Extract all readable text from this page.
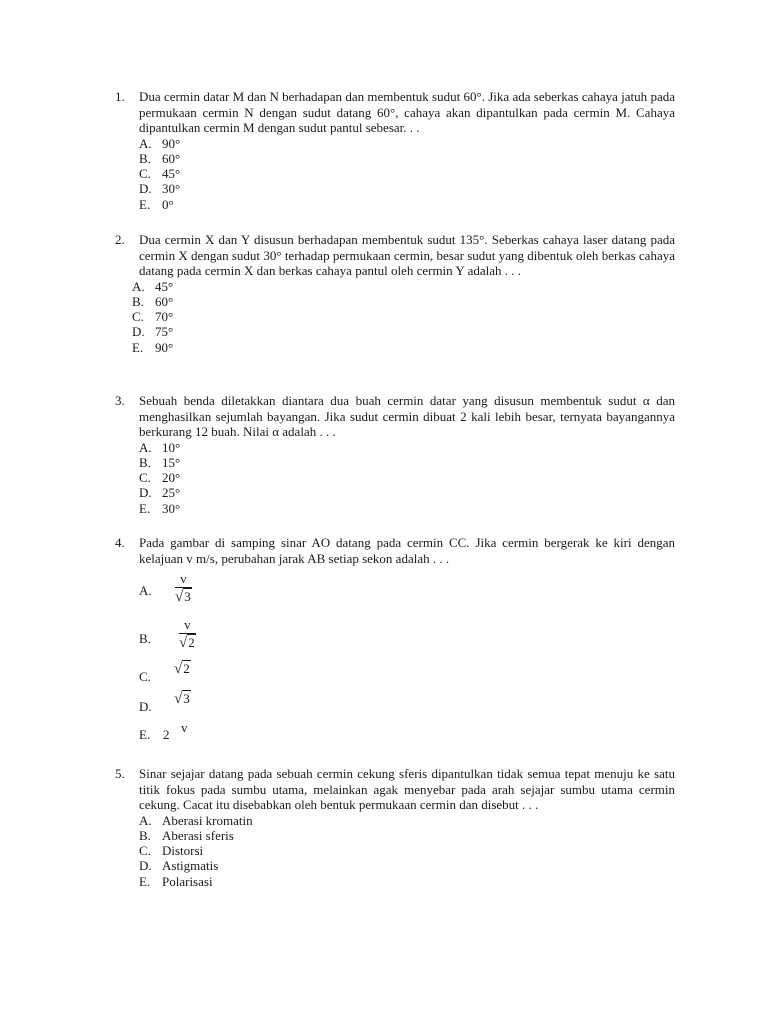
1. Dua cermin datar M dan N berhadapan dan membentuk sudut 60°. Jika ada seberkas cahaya jatuh pada permukaan cermin N dengan sudut datang 60°, cahaya akan dipantulkan pada cermin M. Cahaya dipantulkan cermin M dengan sudut pantul sebesar. . .
A. 90°
B. 60°
C. 45°
D. 30°
E. 0°
2. Dua cermin X dan Y disusun berhadapan membentuk sudut 135°. Seberkas cahaya laser datang pada cermin X dengan sudut 30° terhadap permukaan cermin, besar sudut yang dibentuk oleh berkas cahaya datang pada cermin X dan berkas cahaya pantul oleh cermin Y adalah . . .
A. 45°
B. 60°
C. 70°
D. 75°
E. 90°
3. Sebuah benda diletakkan diantara dua buah cermin datar yang disusun membentuk sudut α dan menghasilkan sejumlah bayangan. Jika sudut cermin dibuat 2 kali lebih besar, ternyata bayangannya berkurang 12 buah. Nilai α adalah . . .
A. 10°
B. 15°
C. 20°
D. 25°
E. 30°
4. Pada gambar di samping sinar AO datang pada cermin CC. Jika cermin bergerak ke kiri dengan kelajuan v m/s, perubahan jarak AB setiap sekon adalah . . .
A.	$\frac{v}{√3}$
B.	$\frac{v}{√2}$
C.	√2
D.	√3
E. 2 v
5. Sinar sejajar datang pada sebuah cermin cekung sferis dipantulkan tidak semua tepat menuju ke satu titik fokus pada sumbu utama, melainkan agak menyebar pada arah sejajar sumbu utama cermin cekung. Cacat itu disebabkan oleh bentuk permukaan cermin dan disebut . . .
A. Aberasi kromatin
B. Aberasi sferis
C. Distorsi
D. Astigmatis
E. Polarisasi
